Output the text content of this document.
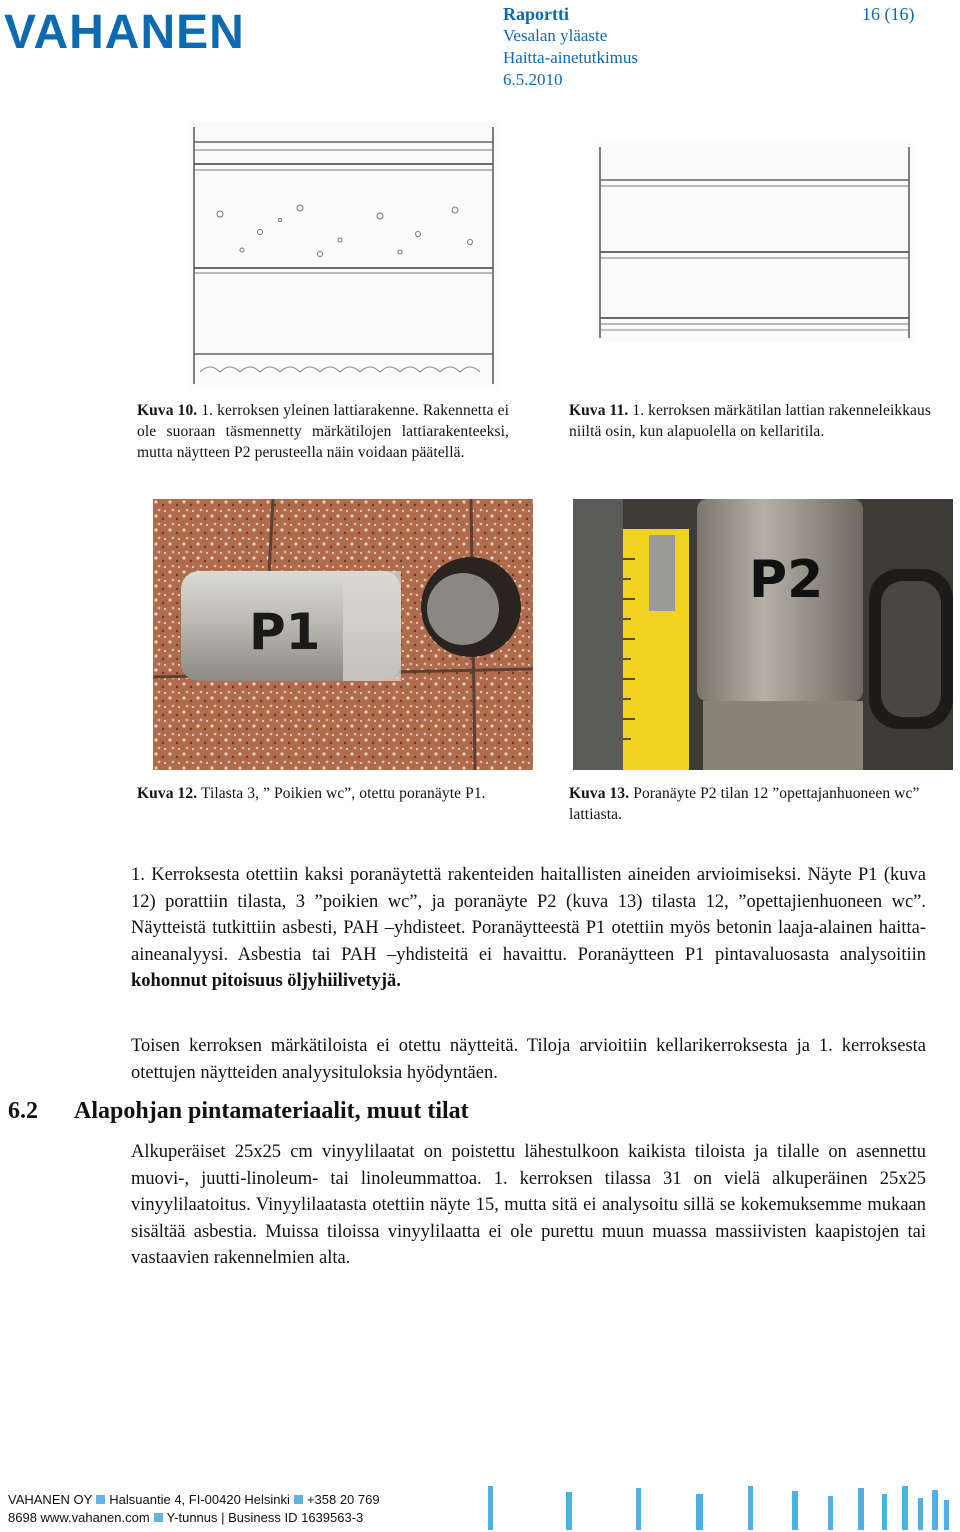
VAHANEN	Raportti	16 (16)
Vesalan yläaste
Haitta-ainetutkimus
6.5.2010
Kuva 10. 1. kerroksen yleinen lattiarakenne. Rakennetta ei ole suoraan täsmennetty märkätilojen lattiarakenteeksi, mutta näytteen P2 perusteella näin voidaan päätellä.
Kuva 11. 1. kerroksen märkätilan lattian rakenneleikkaus niiltä osin, kun alapuolella on kellaritila.
P1
P2
Kuva 12. Tilasta 3, ” Poikien wc”, otettu poranäyte P1.	Kuva 13. Poranäyte P2 tilan 12 ”opettajanhuoneen wc” lattiasta.
1. Kerroksesta otettiin kaksi poranäytettä rakenteiden haitallisten aineiden arvioimiseksi. Näyte P1 (kuva 12) porattiin tilasta, 3 ”poikien wc”, ja poranäyte P2 (kuva 13) tilasta 12, ”opettajienhuoneen wc”. Näytteistä tutkittiin asbesti, PAH –yhdisteet. Poranäytteestä P1 otettiin myös betonin laaja-alainen haitta-aineanalyysi. Asbestia tai PAH –yhdisteitä ei havaittu. Poranäytteen P1 pintavaluosasta analysoitiin kohonnut pitoisuus öljyhiilivetyjä.
Toisen kerroksen märkätiloista ei otettu näytteitä. Tiloja arvioitiin kellarikerroksesta ja 1. kerroksesta otettujen näytteiden analyysituloksia hyödyntäen.
6.2 Alapohjan pintamateriaalit, muut tilat
Alkuperäiset 25x25 cm vinyylilaatat on poistettu lähestulkoon kaikista tiloista ja tilalle on asennettu muovi-, juutti-linoleum- tai linoleummattoa. 1. kerroksen tilassa 31 on vielä alkuperäinen 25x25 vinyylilaatoitus. Vinyylilaatasta otettiin näyte 15, mutta sitä ei analysoitu sillä se kokemuksemme mukaan sisältää asbestia. Muissa tiloissa vinyylilaatta ei ole purettu muun muassa massiivisten kaapistojen tai vastaavien rakennelmien alta.
VAHANEN OY Halsuantie 4, FI-00420 Helsinki +358 20 769
8698 www.vahanen.com Y-tunnus | Business ID 1639563-3
